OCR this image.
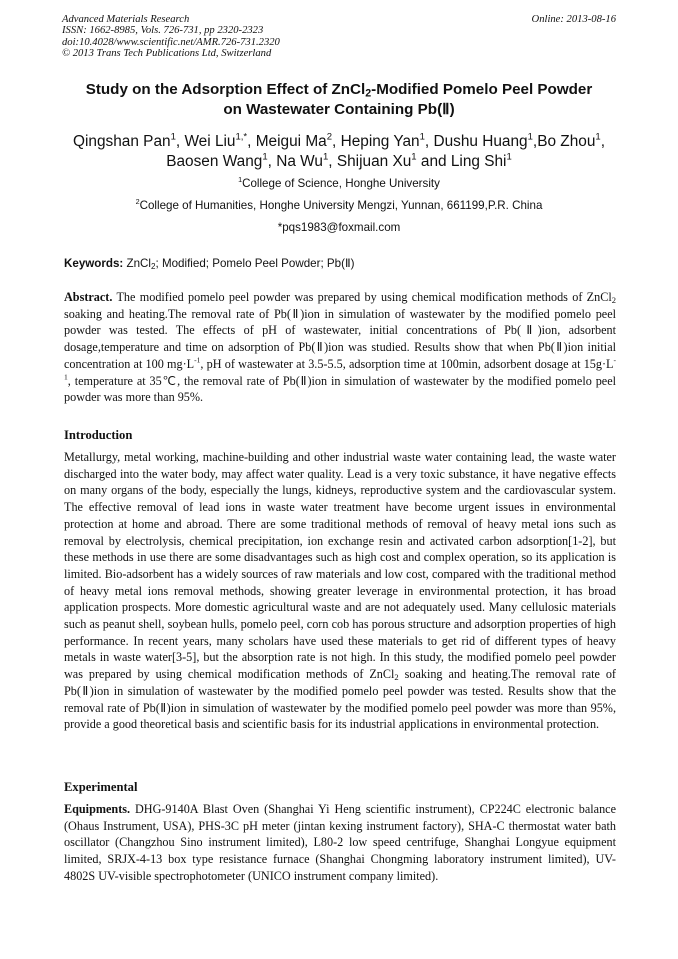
Advanced Materials Research
ISSN: 1662-8985, Vols. 726-731, pp 2320-2323
doi:10.4028/www.scientific.net/AMR.726-731.2320
© 2013 Trans Tech Publications Ltd, Switzerland
Online: 2013-08-16
Study on the Adsorption Effect of ZnCl$_2$-Modified Pomelo Peel Powder
on Wastewater Containing Pb(Ⅱ)
Qingshan Pan$^1$, Wei Liu$^{1,*}$, Meigui Ma$^2$, Heping Yan$^1$, Dushu Huang$^1$,Bo Zhou$^1$,
Baosen Wang$^1$, Na Wu$^1$, Shijuan Xu$^1$ and Ling Shi$^1$
$^1$College of Science, Honghe University
$^2$College of Humanities, Honghe University Mengzi, Yunnan, 661199,P.R. China
*pqs1983@foxmail.com
Keywords: ZnCl$_2$; Modified; Pomelo Peel Powder; Pb(Ⅱ)
Abstract. The modified pomelo peel powder was prepared by using chemical modification methods of ZnCl$_2$ soaking and heating.The removal rate of Pb(Ⅱ)ion in simulation of wastewater by the modified pomelo peel powder was tested. The effects of pH of wastewater, initial concentrations of Pb(Ⅱ)ion, adsorbent dosage,temperature and time on adsorption of Pb(Ⅱ)ion was studied. Results show that when Pb(Ⅱ)ion initial concentration at 100 $mg\cdot L^{-1}$, pH of wastewater at 3.5-5.5, adsorption time at 100min, adsorbent dosage at $15g\cdot L^{-1}$, temperature at 35℃, the removal rate of Pb(Ⅱ)ion in simulation of wastewater by the modified pomelo peel powder was more than 95%.
Introduction
Metallurgy, metal working, machine-building and other industrial waste water containing lead, the waste water discharged into the water body, may affect water quality. Lead is a very toxic substance, it have negative effects on many organs of the body, especially the lungs, kidneys, reproductive system and the cardiovascular system. The effective removal of lead ions in waste water treatment have become urgent issues in environmental protection at home and abroad. There are some traditional methods of removal of heavy metal ions such as removal by electrolysis, chemical precipitation, ion exchange resin and activated carbon adsorption[1-2], but these methods in use there are some disadvantages such as high cost and complex operation, so its application is limited. Bio-adsorbent has a widely sources of raw materials and low cost, compared with the traditional method of heavy metal ions removal methods, showing greater leverage in environmental protection, it has broad application prospects. More domestic agricultural waste and are not adequately used. Many cellulosic materials such as peanut shell, soybean hulls, pomelo peel, corn cob has porous structure and adsorption properties of high performance. In recent years, many scholars have used these materials to get rid of different types of heavy metals in waste water[3-5], but the absorption rate is not high. In this study, the modified pomelo peel powder was prepared by using chemical modification methods of ZnCl$_2$ soaking and heating.The removal rate of Pb(Ⅱ)ion in simulation of wastewater by the modified pomelo peel powder was tested. Results show that the removal rate of Pb(Ⅱ)ion in simulation of wastewater by the modified pomelo peel powder was more than 95%, provide a good theoretical basis and scientific basis for its industrial applications in environmental protection.
Experimental
Equipments. DHG-9140A Blast Oven (Shanghai Yi Heng scientific instrument), CP224C electronic balance (Ohaus Instrument, USA), PHS-3C pH meter (jintan kexing instrument factory), SHA-C thermostat water bath oscillator (Changzhou Sino instrument limited), L80-2 low speed centrifuge, Shanghai Longyue equipment limited, SRJX-4-13 box type resistance furnace (Shanghai Chongming laboratory instrument limited), UV-4802S UV-visible spectrophotometer (UNICO instrument company limited).
